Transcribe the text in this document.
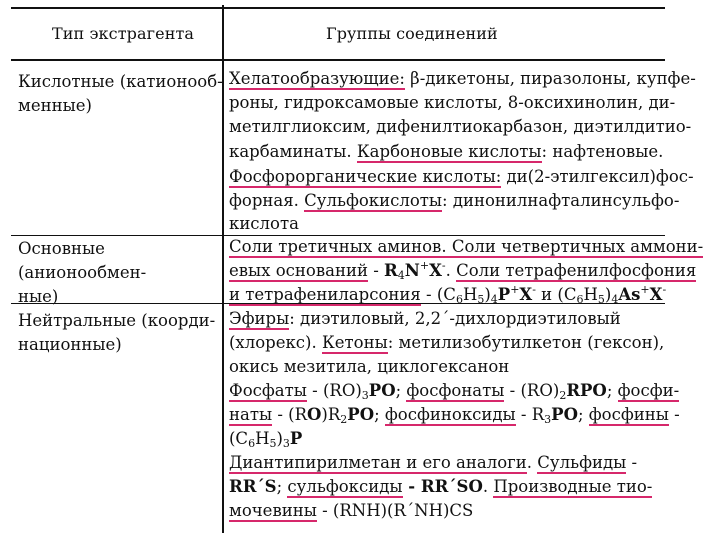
Тип экстрагента	Группы соединений
Кислотные (катионооб-
менные)
Хелатообразующие: β-дикетоны, пиразолоны, купфе-
роны, гидроксамовые кислоты, 8-оксихинолин, ди-
метилглиоксим, дифенилтиокарбазон, диэтилдитио-
карбаминаты. Карбоновые кислоты: нафтеновые.
Фосфорорганические кислоты: ди(2-этилгексил)фос-
форная. Сульфокислоты: динонилнафталинсульфо-
кислота
Основные (анионообмен-
ные)
Соли третичных аминов. Соли четвертичных аммони-
евых оснований - $R_4N^+X^-$. Соли тетрафенилфосфония
и тетрафениларсония - $(C_6H_5)_4P^+X^-$ и $(C_6H_5)_4As^+X^-$
Нейтральные (коорди-
национные)
Эфиры: диэтиловый, 2,2´-дихлордиэтиловый
(хлорекс). Кетоны: метилизобутилкетон (гексон),
окись мезитила, циклогексанон
Фосфаты - $(RO)_3PO$; фосфонаты - $(RO)_2RPO$; фосфи-
наты - $(RO)R_2PO$; фосфиноксиды - $R_3PO$; фосфины -
$(C_6H_5)_3P$
Диантипирилметан и его аналоги. Сульфиды -
RR´S; сульфоксиды - RR´SO. Производные тио-
мочевины - (RNH)(R´NH)CS
